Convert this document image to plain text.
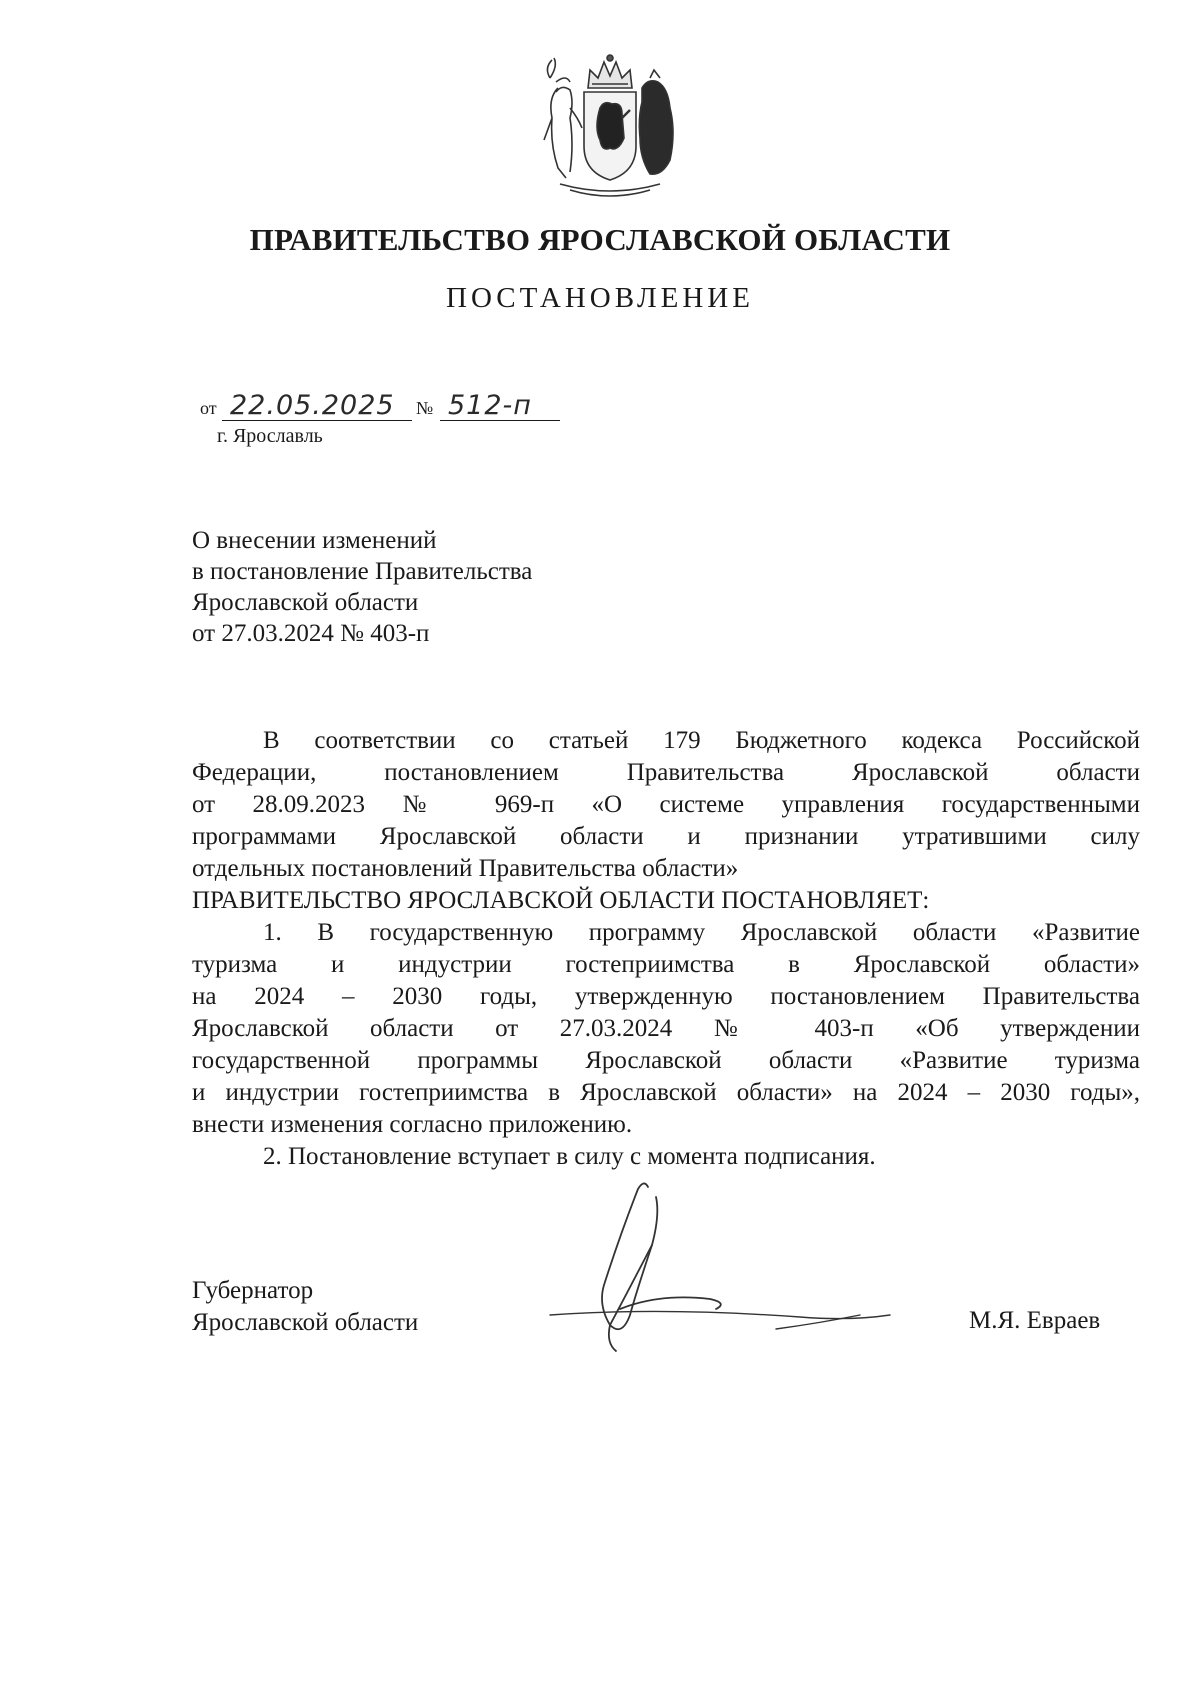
ПРАВИТЕЛЬСТВО ЯРОСЛАВСКОЙ ОБЛАСТИ
ПОСТАНОВЛЕНИЕ
от 22.05.2025 № 512-п
г. Ярославль
О внесении изменений
в постановление Правительства
Ярославской области
от 27.03.2024 № 403-п
В соответствии со статьей 179 Бюджетного кодекса Российской
Федерации, постановлением Правительства Ярославской области
от 28.09.2023 № 969-п «О системе управления государственными
программами Ярославской области и признании утратившими силу
отдельных постановлений Правительства области»
ПРАВИТЕЛЬСТВО ЯРОСЛАВСКОЙ ОБЛАСТИ ПОСТАНОВЛЯЕТ:
1. В государственную программу Ярославской области «Развитие
туризма и индустрии гостеприимства в Ярославской области»
на 2024 – 2030 годы, утвержденную постановлением Правительства
Ярославской области от 27.03.2024 № 403-п «Об утверждении
государственной программы Ярославской области «Развитие туризма
и индустрии гостеприимства в Ярославской области» на 2024 – 2030 годы»,
внести изменения согласно приложению.
2. Постановление вступает в силу с момента подписания.
Губернатор
Ярославской области	М.Я. Евраев
